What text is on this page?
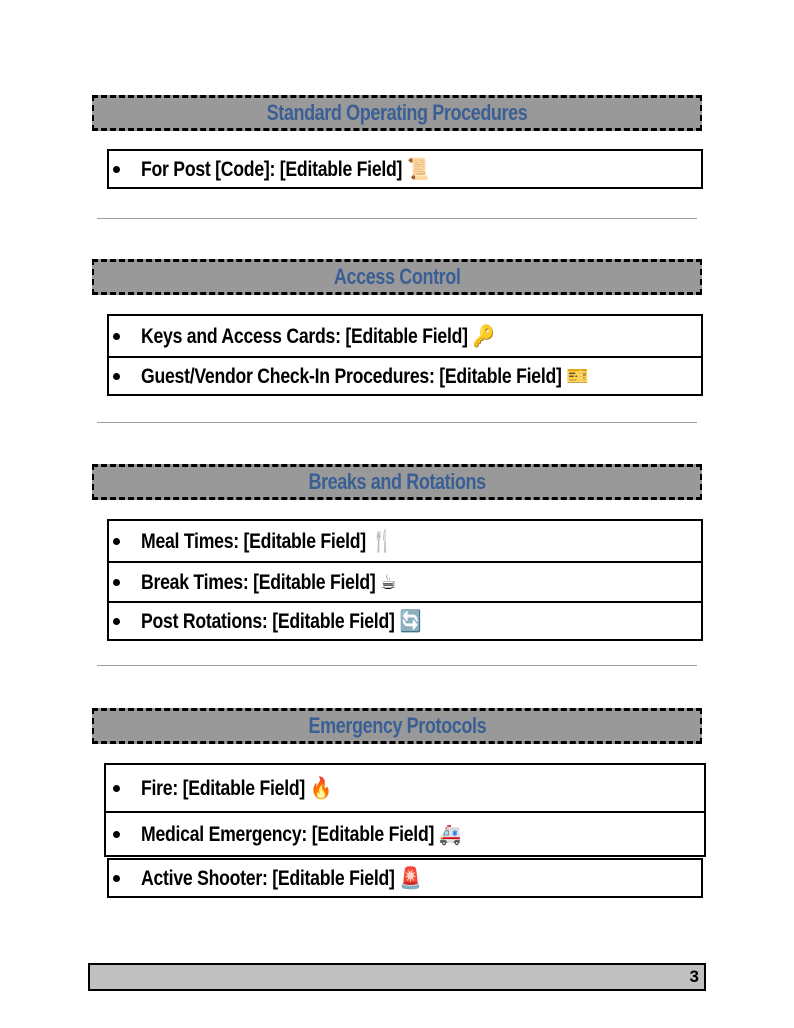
Standard Operating Procedures
For Post [Code]: [Editable Field] 📜
Access Control
Keys and Access Cards: [Editable Field] 🔑
Guest/Vendor Check-In Procedures: [Editable Field] 🎫
Breaks and Rotations
Meal Times: [Editable Field] 🍴
Break Times: [Editable Field] ☕
Post Rotations: [Editable Field] 🔄
Emergency Protocols
Fire: [Editable Field] 🔥
Medical Emergency: [Editable Field] 🚑
Active Shooter: [Editable Field] 🚨
3
